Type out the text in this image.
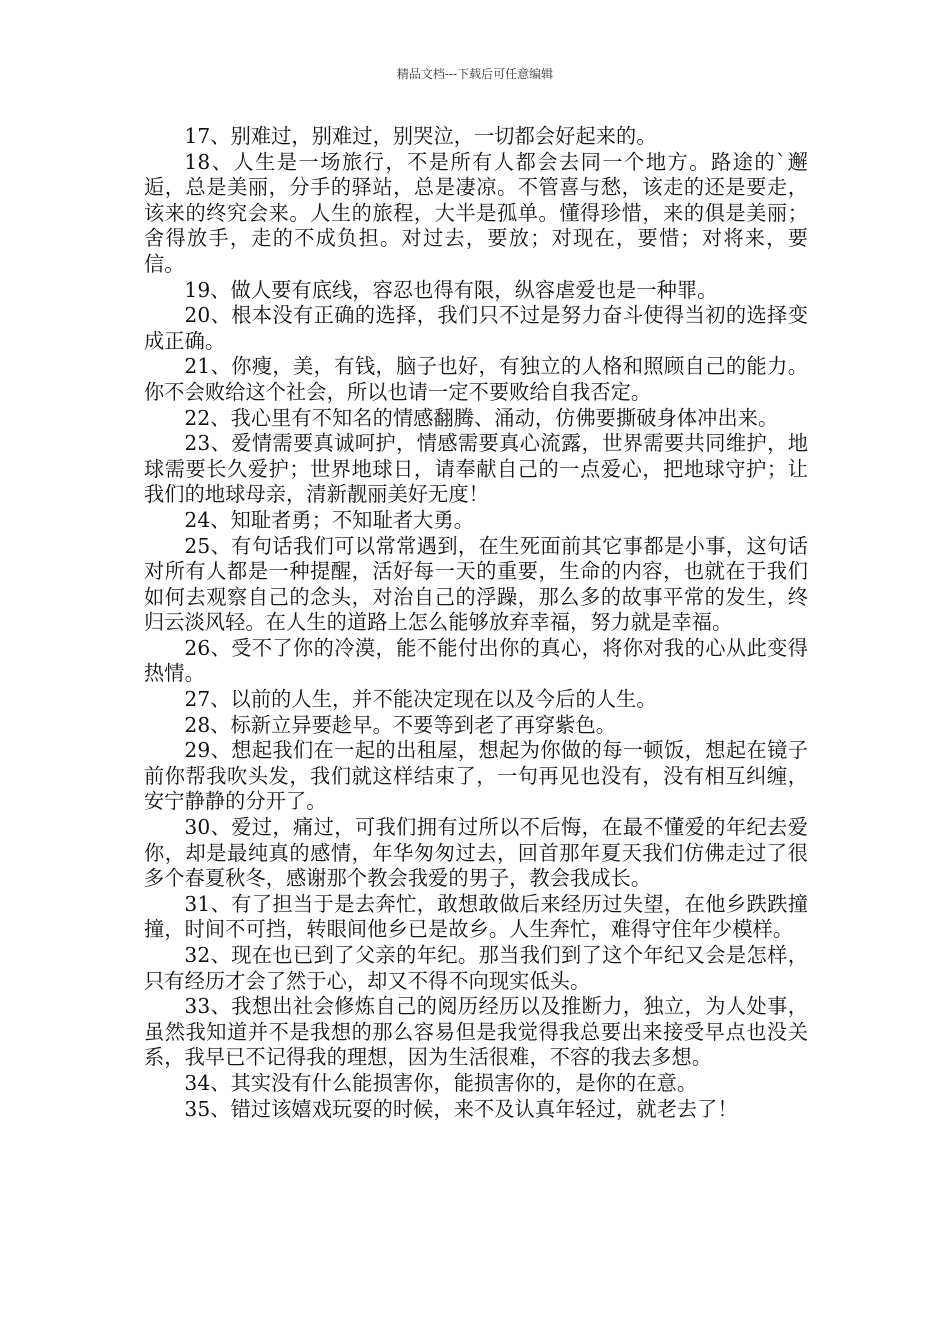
精品文档---下载后可任意编辑

17、别难过，别难过，别哭泣，一切都会好起来的。

18、人生是一场旅行，不是所有人都会去同一个地方。路途的`邂逅，总是美丽，分手的驿站，总是凄凉。不管喜与愁，该走的还是要走，该来的终究会来。人生的旅程，大半是孤单。懂得珍惜，来的俱是美丽；舍得放手，走的不成负担。对过去，要放；对现在，要惜；对将来，要信。

19、做人要有底线，容忍也得有限，纵容虐爱也是一种罪。

20、根本没有正确的选择，我们只不过是努力奋斗使得当初的选择变成正确。

21、你瘦，美，有钱，脑子也好，有独立的人格和照顾自己的能力。你不会败给这个社会，所以也请一定不要败给自我否定。

22、我心里有不知名的情感翻腾、涌动，仿佛要撕破身体冲出来。

23、爱情需要真诚呵护，情感需要真心流露，世界需要共同维护，地球需要长久爱护；世界地球日，请奉献自己的一点爱心，把地球守护；让我们的地球母亲，清新靓丽美好无度！

24、知耻者勇；不知耻者大勇。

25、有句话我们可以常常遇到，在生死面前其它事都是小事，这句话对所有人都是一种提醒，活好每一天的重要，生命的内容，也就在于我们如何去观察自己的念头，对治自己的浮躁，那么多的故事平常的发生，终归云淡风轻。在人生的道路上怎么能够放弃幸福，努力就是幸福。

26、受不了你的冷漠，能不能付出你的真心，将你对我的心从此变得热情。

27、以前的人生，并不能决定现在以及今后的人生。

28、标新立异要趁早。不要等到老了再穿紫色。

29、想起我们在一起的出租屋，想起为你做的每一顿饭，想起在镜子前你帮我吹头发，我们就这样结束了，一句再见也没有，没有相互纠缠，安宁静静的分开了。

30、爱过，痛过，可我们拥有过所以不后悔，在最不懂爱的年纪去爱你，却是最纯真的感情，年华匆匆过去，回首那年夏天我们仿佛走过了很多个春夏秋冬，感谢那个教会我爱的男子，教会我成长。

31、有了担当于是去奔忙，敢想敢做后来经历过失望，在他乡跌跌撞撞，时间不可挡，转眼间他乡已是故乡。人生奔忙，难得守住年少模样。

32、现在也已到了父亲的年纪。那当我们到了这个年纪又会是怎样，只有经历才会了然于心，却又不得不向现实低头。

33、我想出社会修炼自己的阅历经历以及推断力，独立，为人处事，虽然我知道并不是我想的那么容易但是我觉得我总要出来接受早点也没关系，我早已不记得我的理想，因为生活很难，不容的我去多想。

34、其实没有什么能损害你，能损害你的，是你的在意。

35、错过该嬉戏玩耍的时候，来不及认真年轻过，就老去了！
